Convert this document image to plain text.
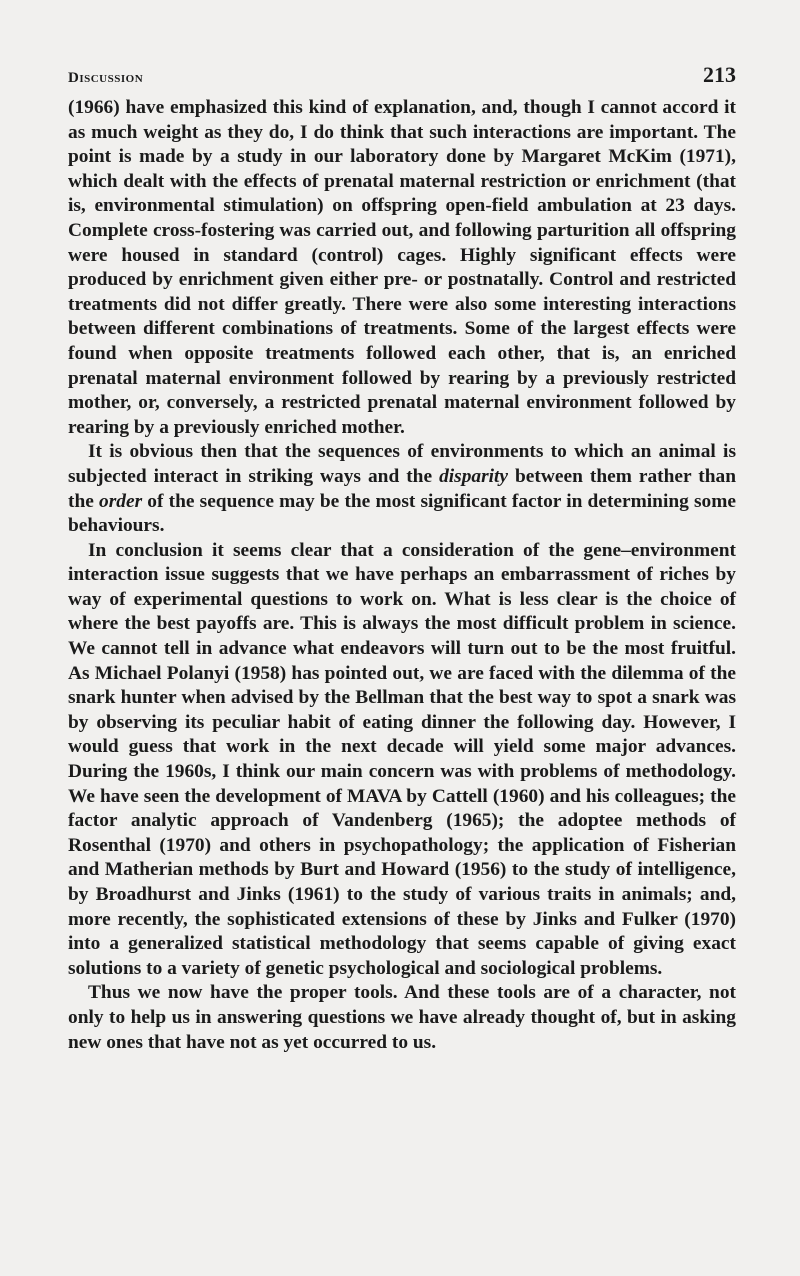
Discussion	213

(1966) have emphasized this kind of explanation, and, though I cannot accord it as much weight as they do, I do think that such interactions are important. The point is made by a study in our laboratory done by Margaret McKim (1971), which dealt with the effects of prenatal maternal restriction or enrichment (that is, environmental stimulation) on offspring open-field ambulation at 23 days. Complete cross-fostering was carried out, and following parturition all offspring were housed in standard (control) cages. Highly significant effects were produced by enrichment given either pre- or postnatally. Control and restricted treatments did not differ greatly. There were also some interesting interactions between different combinations of treatments. Some of the largest effects were found when opposite treatments followed each other, that is, an enriched prenatal maternal environment followed by rearing by a previously restricted mother, or, conversely, a restricted prenatal maternal environment followed by rearing by a previously enriched mother.

It is obvious then that the sequences of environments to which an animal is subjected interact in striking ways and the disparity between them rather than the order of the sequence may be the most significant factor in determining some behaviours.

In conclusion it seems clear that a consideration of the gene–environment interaction issue suggests that we have perhaps an embarrassment of riches by way of experimental questions to work on. What is less clear is the choice of where the best payoffs are. This is always the most difficult problem in science. We cannot tell in advance what endeavors will turn out to be the most fruitful. As Michael Polanyi (1958) has pointed out, we are faced with the dilemma of the snark hunter when advised by the Bellman that the best way to spot a snark was by observing its peculiar habit of eating dinner the following day. However, I would guess that work in the next decade will yield some major advances. During the 1960s, I think our main concern was with problems of methodology. We have seen the development of MAVA by Cattell (1960) and his colleagues; the factor analytic approach of Vandenberg (1965); the adoptee methods of Rosenthal (1970) and others in psychopathology; the application of Fisherian and Matherian methods by Burt and Howard (1956) to the study of intelligence, by Broadhurst and Jinks (1961) to the study of various traits in animals; and, more recently, the sophisticated extensions of these by Jinks and Fulker (1970) into a generalized statistical methodology that seems capable of giving exact solutions to a variety of genetic psychological and sociological problems.

Thus we now have the proper tools. And these tools are of a character, not only to help us in answering questions we have already thought of, but in asking new ones that have not as yet occurred to us.
